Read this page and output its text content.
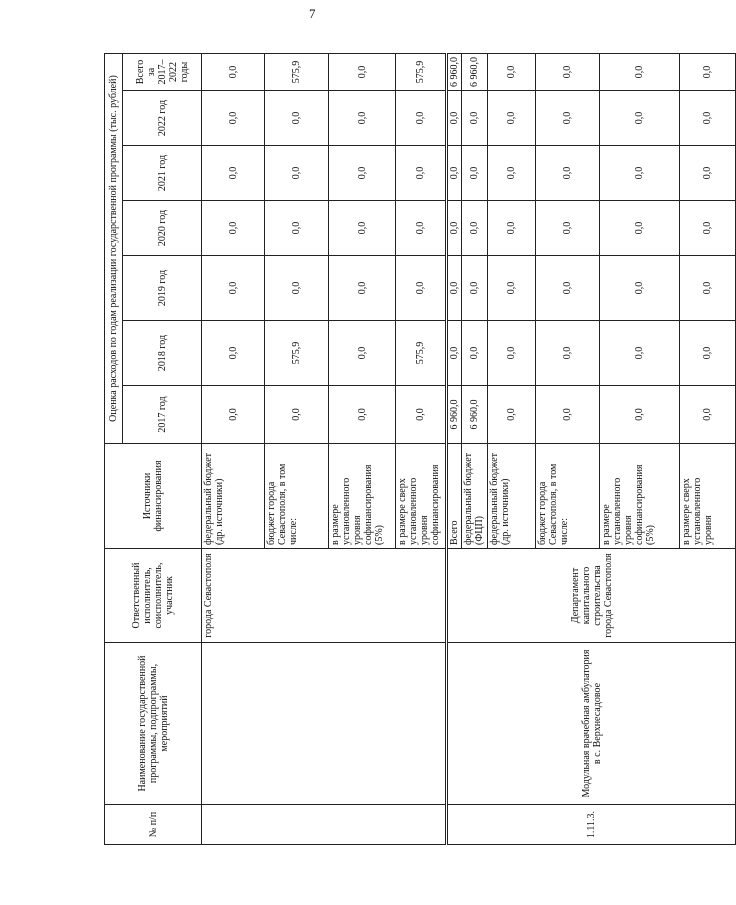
7
№ п/п	Наименование государственной программы, подпрограммы, мероприятий	Ответственный исполнитель, соисполнитель, участник	Источники финансирования	Оценка расходов по годам реализации государственной программы (тыс. рублей)						
				2017 год	2018 год	2019 год	2020 год	2021 год	2022 год	Всего за 2017–2022 годы
		города Севастополя	федеральный бюджет (др. источники)	0,0	0,0	0,0	0,0	0,0	0,0	0,0
			бюджет города Севастополя, в том числе:	0,0	575,9	0,0	0,0	0,0	0,0	575,9
			в размере установленного уровня софинансирования (5%)	0,0	0,0	0,0	0,0	0,0	0,0	0,0
			в размере сверх установленного уровня софинансирования	0,0	575,9	0,0	0,0	0,0	0,0	575,9
1.11.3.	Модульная врачебная амбулатория в с. Верхнесадовое	Департамент капитального строительства города Севастополя	Всего	6 960,0	0,0	0,0	0,0	0,0	0,0	6 960,0
			федеральный бюджет (ФЦП)	6 960,0	0,0	0,0	0,0	0,0	0,0	6 960,0
			федеральный бюджет (др. источники)	0,0	0,0	0,0	0,0	0,0	0,0	0,0
			бюджет города Севастополя, в том числе:	0,0	0,0	0,0	0,0	0,0	0,0	0,0
			в размере установленного уровня софинансирования (5%)	0,0	0,0	0,0	0,0	0,0	0,0	0,0
			в размере сверх установленного уровня	0,0	0,0	0,0	0,0	0,0	0,0	0,0
